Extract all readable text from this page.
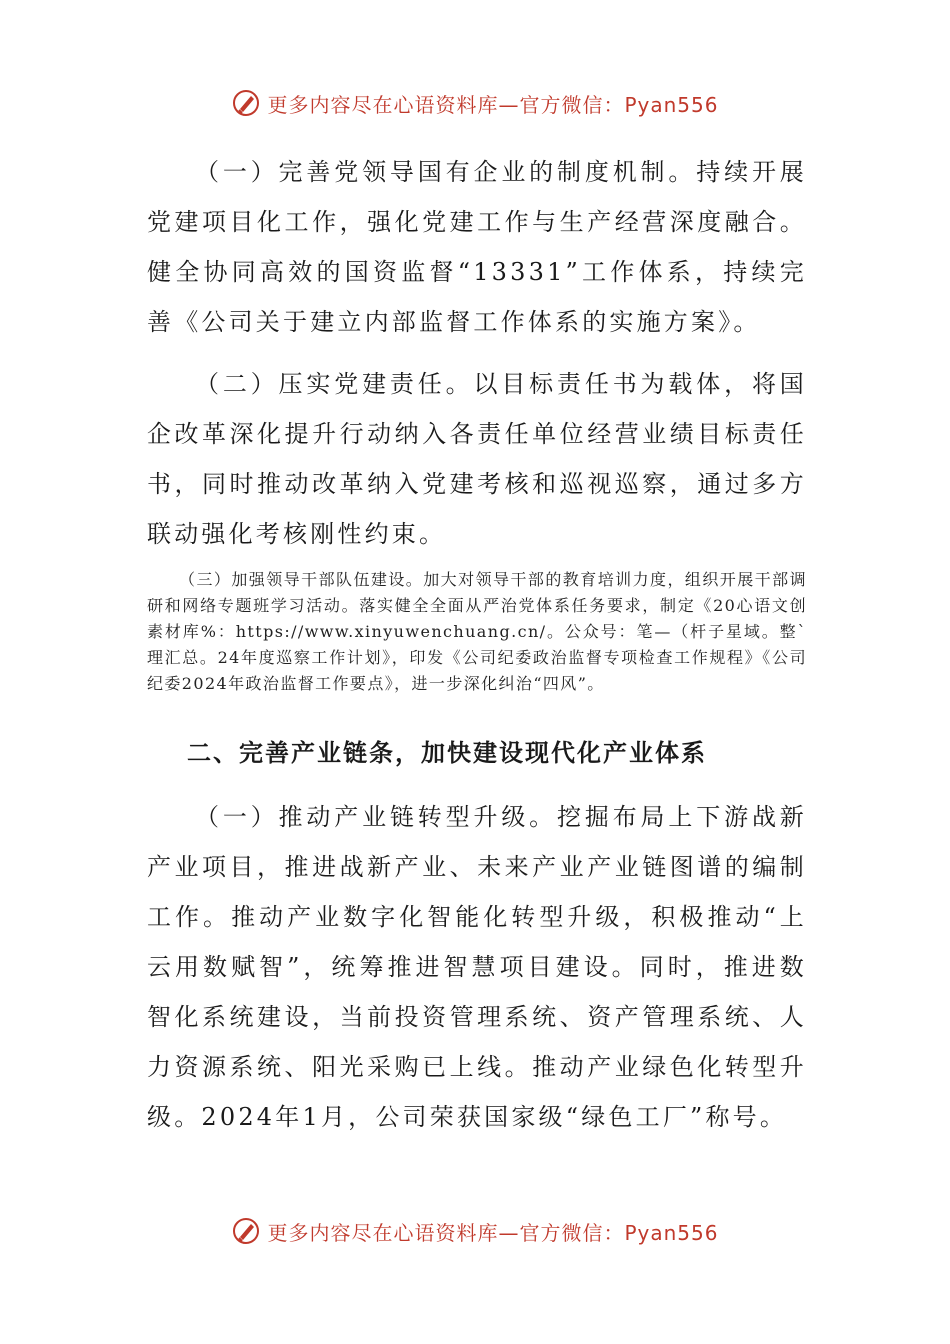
更多内容尽在心语资料库—官方微信：Pyan556

（一）完善党领导国有企业的制度机制。持续开展党建项目化工作，强化党建工作与生产经营深度融合。健全协同高效的国资监督“13331”工作体系，持续完善《公司关于建立内部监督工作体系的实施方案》。

（二）压实党建责任。以目标责任书为载体，将国企改革深化提升行动纳入各责任单位经营业绩目标责任书，同时推动改革纳入党建考核和巡视巡察，通过多方联动强化考核刚性约束。

（三）加强领导干部队伍建设。加大对领导干部的教育培训力度，组织开展干部调研和网络专题班学习活动。落实健全全面从严治党体系任务要求，制定《20心语文创素材库%：https://www.xinyuwenchuang.cn/。公众号：笔—（杆子星域。整`理汇总。24年度巡察工作计划》，印发《公司纪委政治监督专项检查工作规程》《公司纪委2024年政治监督工作要点》，进一步深化纠治“四风”。

二、完善产业链条，加快建设现代化产业体系

（一）推动产业链转型升级。挖掘布局上下游战新产业项目，推进战新产业、未来产业产业链图谱的编制工作。推动产业数字化智能化转型升级，积极推动“上云用数赋智”，统筹推进智慧项目建设。同时，推进数智化系统建设，当前投资管理系统、资产管理系统、人力资源系统、阳光采购已上线。推动产业绿色化转型升级。2024年1月，公司荣获国家级“绿色工厂”称号。

更多内容尽在心语资料库—官方微信：Pyan556
